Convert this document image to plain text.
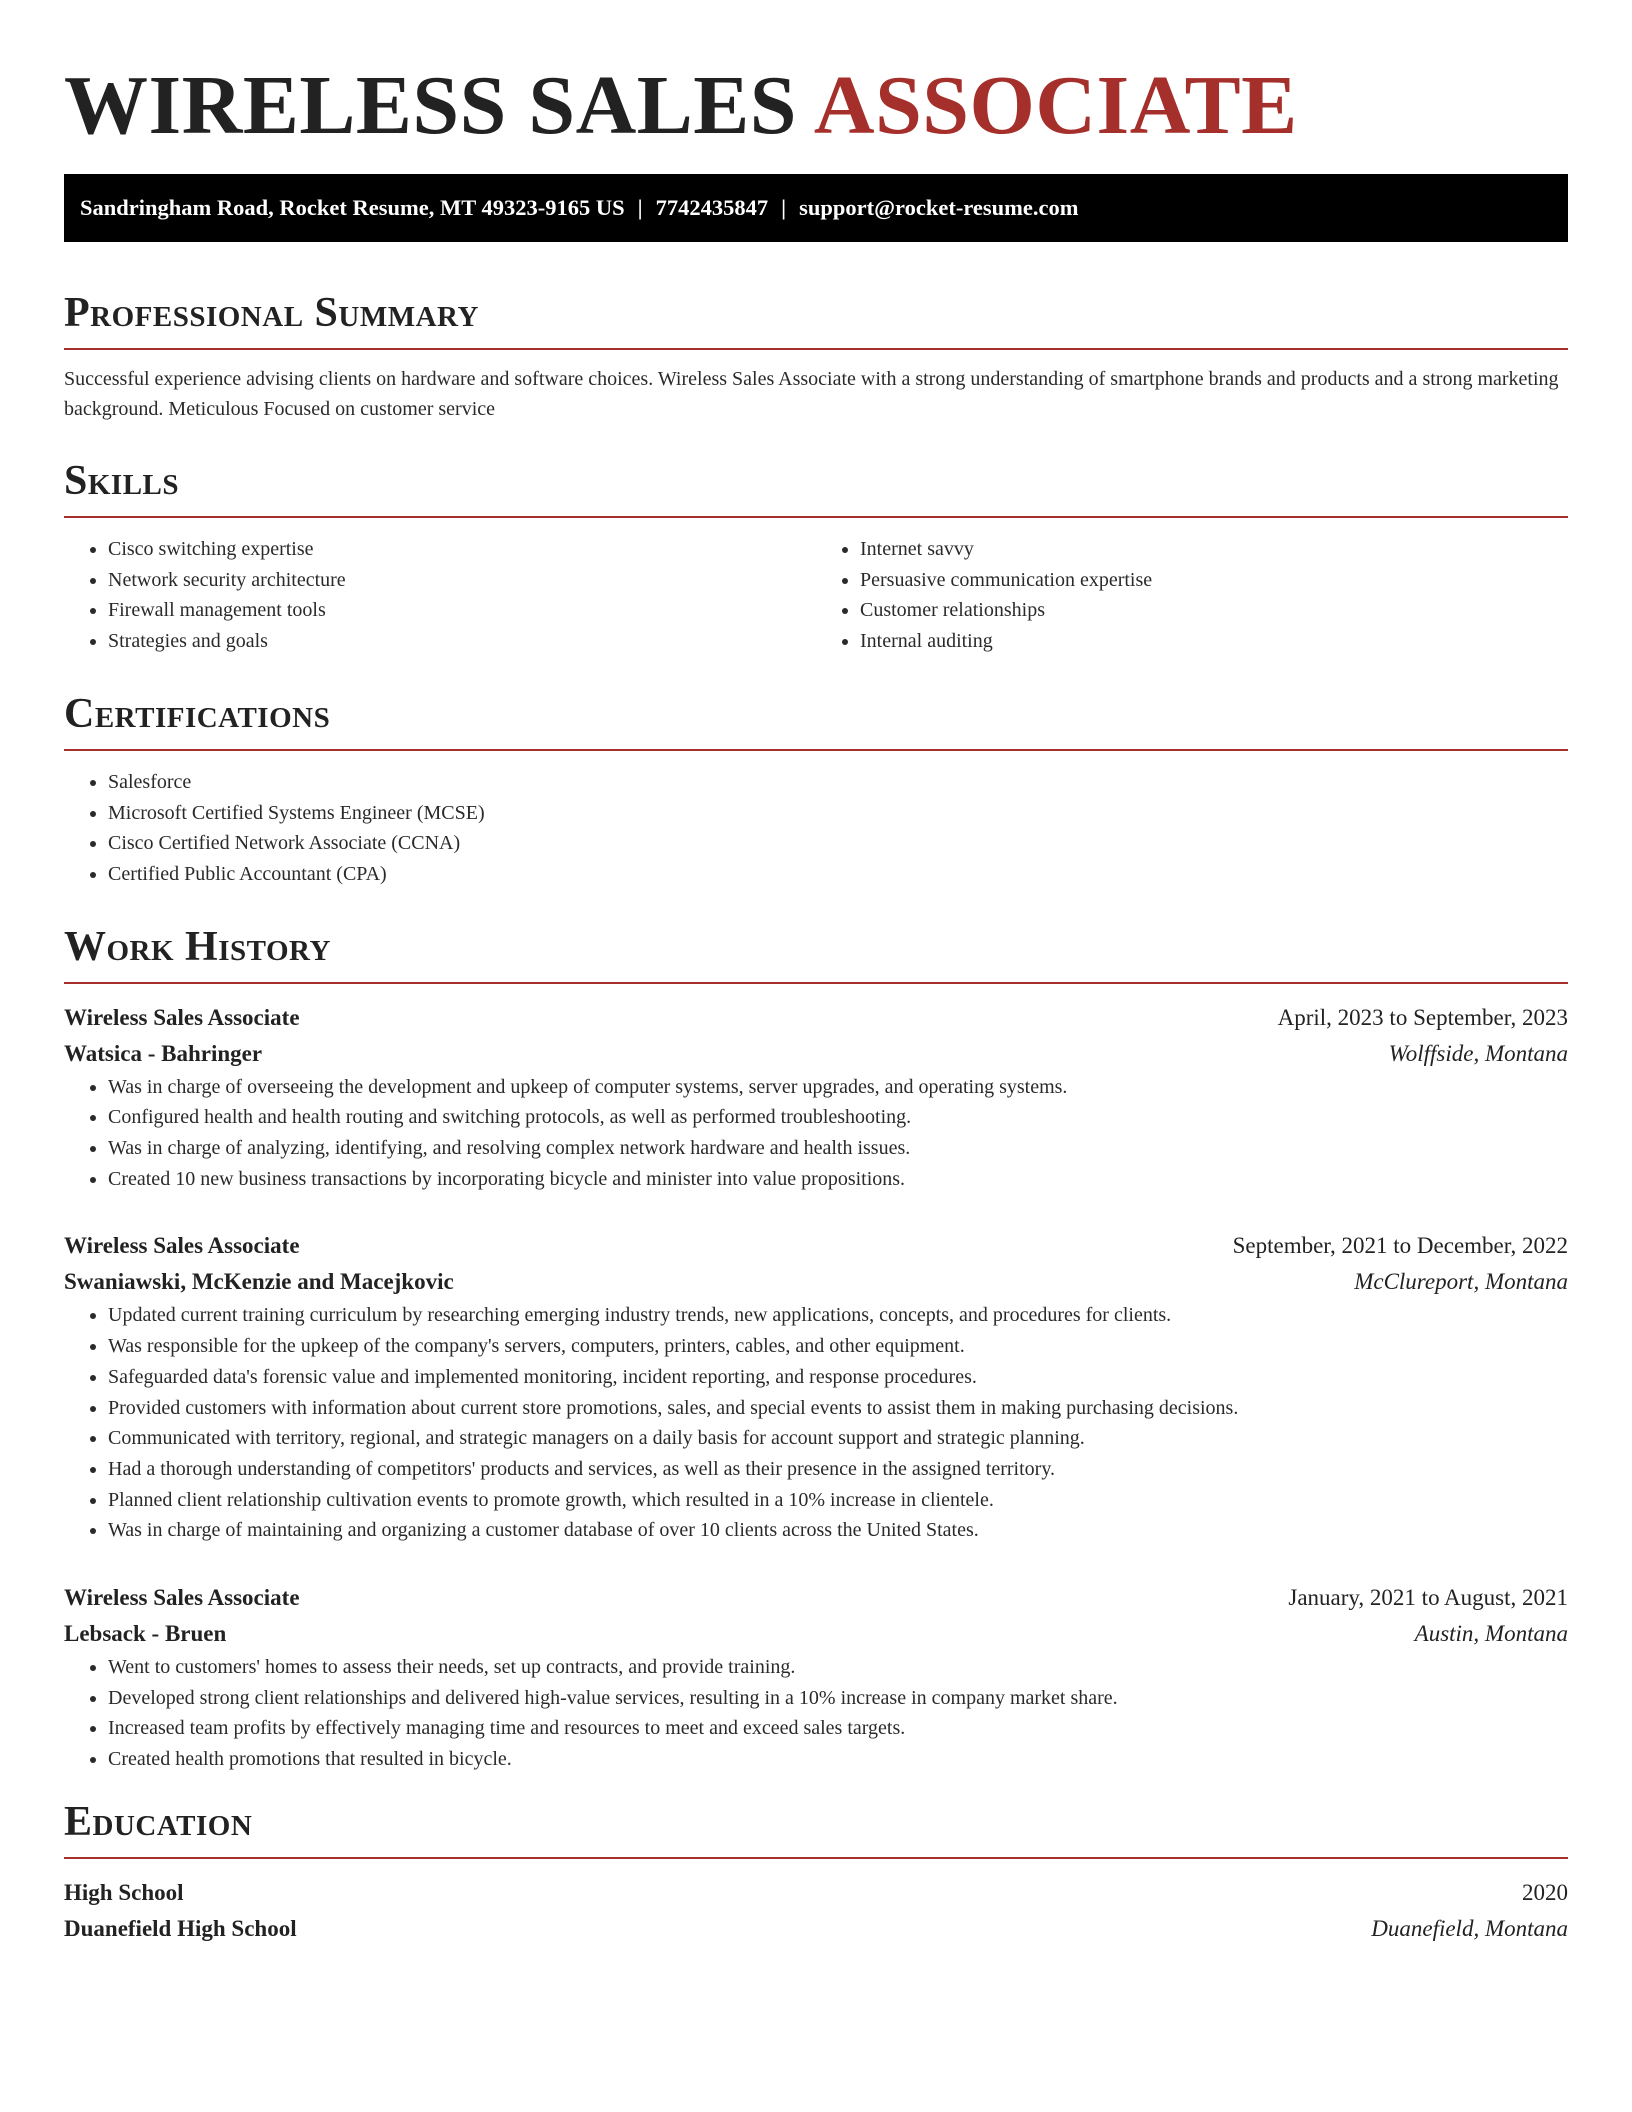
WIRELESS SALES ASSOCIATE
Sandringham Road, Rocket Resume, MT 49323-9165 US | 7742435847 | support@rocket-resume.com
Professional Summary

Successful experience advising clients on hardware and software choices. Wireless Sales Associate with a strong understanding of smartphone brands and products and a strong marketing background. Meticulous Focused on customer service

Skills
• Cisco switching expertise
• Network security architecture
• Firewall management tools
• Strategies and goals
• Internet savvy
• Persuasive communication expertise
• Customer relationships
• Internal auditing
Certifications
• Salesforce
• Microsoft Certified Systems Engineer (MCSE)
• Cisco Certified Network Associate (CCNA)
• Certified Public Accountant (CPA)
Work History
Wireless Sales Associate	April, 2023 to September, 2023
Watsica - Bahringer	Wolffside, Montana
• Was in charge of overseeing the development and upkeep of computer systems, server upgrades, and operating systems.
• Configured health and health routing and switching protocols, as well as performed troubleshooting.
• Was in charge of analyzing, identifying, and resolving complex network hardware and health issues.
• Created 10 new business transactions by incorporating bicycle and minister into value propositions.
Wireless Sales Associate	September, 2021 to December, 2022
Swaniawski, McKenzie and Macejkovic	McClureport, Montana
• Updated current training curriculum by researching emerging industry trends, new applications, concepts, and procedures for clients.
• Was responsible for the upkeep of the company's servers, computers, printers, cables, and other equipment.
• Safeguarded data's forensic value and implemented monitoring, incident reporting, and response procedures.
• Provided customers with information about current store promotions, sales, and special events to assist them in making purchasing decisions.
• Communicated with territory, regional, and strategic managers on a daily basis for account support and strategic planning.
• Had a thorough understanding of competitors' products and services, as well as their presence in the assigned territory.
• Planned client relationship cultivation events to promote growth, which resulted in a 10% increase in clientele.
• Was in charge of maintaining and organizing a customer database of over 10 clients across the United States.
Wireless Sales Associate	January, 2021 to August, 2021
Lebsack - Bruen	Austin, Montana
• Went to customers' homes to assess their needs, set up contracts, and provide training.
• Developed strong client relationships and delivered high-value services, resulting in a 10% increase in company market share.
• Increased team profits by effectively managing time and resources to meet and exceed sales targets.
• Created health promotions that resulted in bicycle.
Education
High School	2020
Duanefield High School	Duanefield, Montana
